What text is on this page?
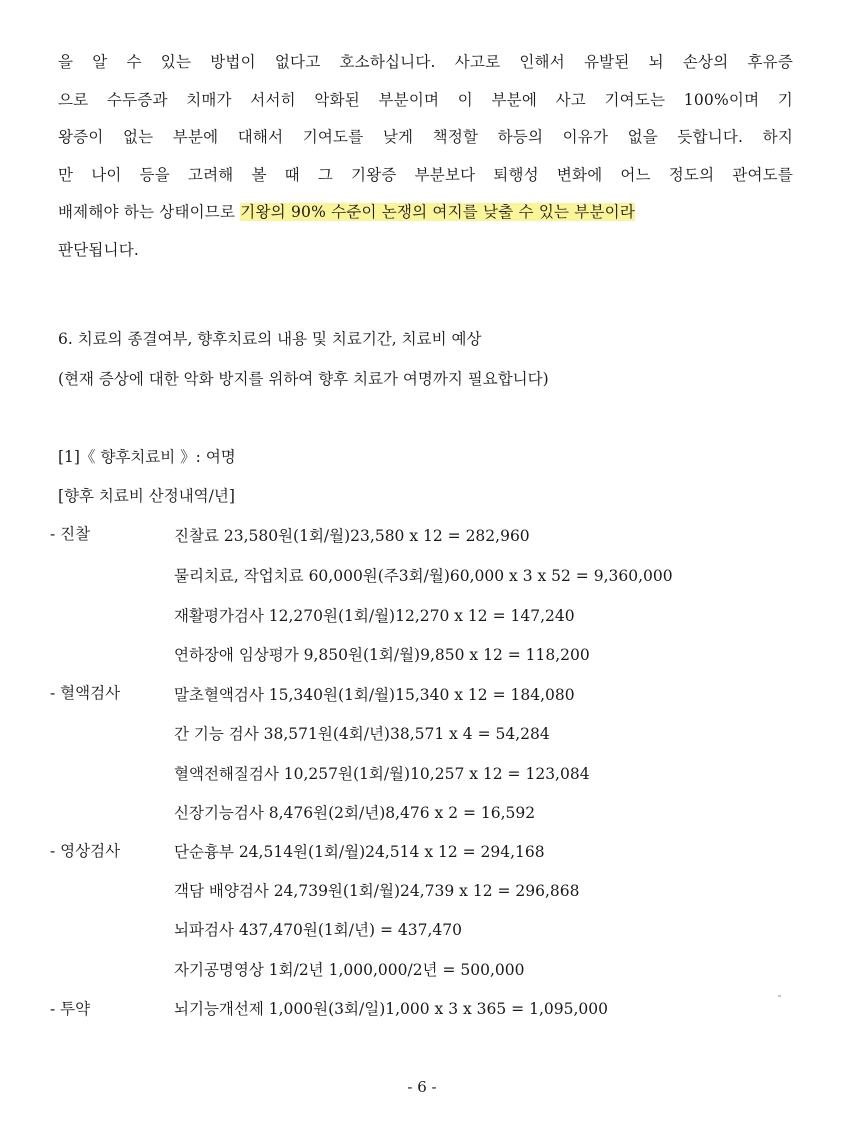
을 알 수 있는 방법이 없다고 호소하십니다. 사고로 인해서 유발된 뇌 손상의 후유증
으로 수두증과 치매가 서서히 악화된 부분이며 이 부분에 사고 기여도는 100%이며 기
왕증이 없는 부분에 대해서 기여도를 낮게 책정할 하등의 이유가 없을 듯합니다. 하지
만 나이 등을 고려해 볼 때 그 기왕증 부분보다 퇴행성 변화에 어느 정도의 관여도를
배제해야 하는 상태이므로 기왕의 90% 수준이 논쟁의 여지를 낮출 수 있는 부분이라
판단됩니다.
6. 치료의 종결여부, 향후치료의 내용 및 치료기간, 치료비 예상
(현재 증상에 대한 악화 방지를 위하여 향후 치료가 여명까지 필요합니다)
[1]《 향후치료비 》: 여명
[향후 치료비 산정내역/년]
- 진찰	진찰료 23,580원(1회/월)23,580 x 12 = 282,960
물리치료, 작업치료 60,000원(주3회/월)60,000 x 3 x 52 = 9,360,000
재활평가검사 12,270원(1회/월)12,270 x 12 = 147,240
연하장애 임상평가 9,850원(1회/월)9,850 x 12 = 118,200
- 혈액검사	말초혈액검사 15,340원(1회/월)15,340 x 12 = 184,080
간 기능 검사 38,571원(4회/년)38,571 x 4 = 54,284
혈액전해질검사 10,257원(1회/월)10,257 x 12 = 123,084
신장기능검사 8,476원(2회/년)8,476 x 2 = 16,592
- 영상검사	단순흉부 24,514원(1회/월)24,514 x 12 = 294,168
객담 배양검사 24,739원(1회/월)24,739 x 12 = 296,868
뇌파검사 437,470원(1회/년) = 437,470
자기공명영상 1회/2년 1,000,000/2년 = 500,000
- 투약	뇌기능개선제 1,000원(3회/일)1,000 x 3 x 365 = 1,095,000
- 6 -
